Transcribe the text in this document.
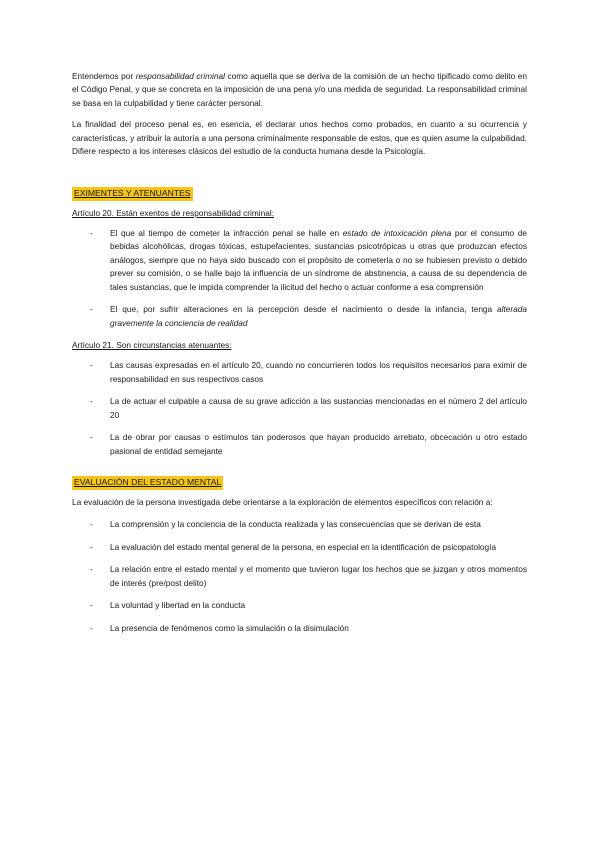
Entendemos por responsabilidad criminal como aquella que se deriva de la comisión de un hecho tipificado como delito en el Código Penal, y que se concreta en la imposición de una pena y/o una medida de seguridad. La responsabilidad criminal se basa en la culpabilidad y tiene carácter personal.

La finalidad del proceso penal es, en esencia, el declarar unos hechos como probados, en cuanto a su ocurrencia y características, y atribuir la autoría a una persona criminalmente responsable de estos, que es quien asume la culpabilidad. Difiere respecto a los intereses clásicos del estudio de la conducta humana desde la Psicología.

EXIMENTES Y ATENUANTES

Artículo 20. Están exentos de responsabilidad criminal:

- El que al tiempo de cometer la infracción penal se halle en estado de intoxicación plena por el consumo de bebidas alcohólicas, drogas tóxicas, estupefacientes, sustancias psicotrópicas u otras que produzcan efectos análogos, siempre que no haya sido buscado con el propósito de cometerla o no se hubiesen previsto o debido prever su comisión, o se halle bajo la influencia de un síndrome de abstinencia, a causa de su dependencia de tales sustancias, que le impida comprender la ilicitud del hecho o actuar conforme a esa comprensión
- El que, por sufrir alteraciones en la percepción desde el nacimiento o desde la infancia, tenga alterada gravemente la conciencia de realidad

Artículo 21. Son circunstancias atenuantes:

- Las causas expresadas en el artículo 20, cuando no concurrieren todos los requisitos necesarios para eximir de responsabilidad en sus respectivos casos
- La de actuar el culpable a causa de su grave adicción a las sustancias mencionadas en el número 2 del artículo 20
- La de obrar por causas o estímulos tan poderosos que hayan producido arrebato, obcecación u otro estado pasional de entidad semejante
EVALUACIÓN DEL ESTADO MENTAL

La evaluación de la persona investigada debe orientarse a la exploración de elementos específicos con relación a:

- La comprensión y la conciencia de la conducta realizada y las consecuencias que se derivan de esta
- La evaluación del estado mental general de la persona, en especial en la identificación de psicopatología
- La relación entre el estado mental y el momento que tuvieron lugar los hechos que se juzgan y otros momentos de interés (pre/post delito)
- La voluntad y libertad en la conducta
- La presencia de fenómenos como la simulación o la disimulación
